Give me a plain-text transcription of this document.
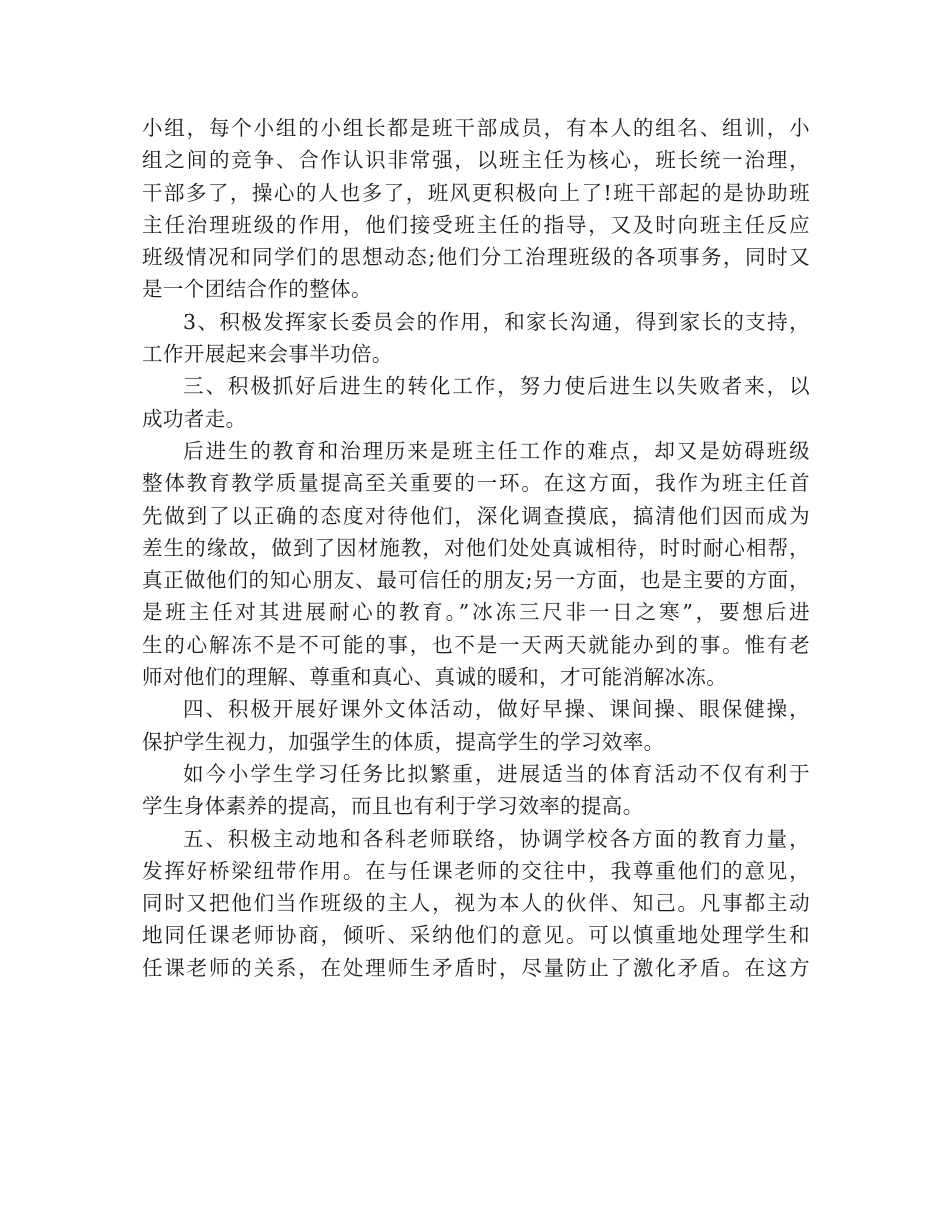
小组，每个小组的小组长都是班干部成员，有本人的组名、组训，小
组之间的竞争、合作认识非常强，以班主任为核心，班长统一治理，
干部多了，操心的人也多了，班风更积极向上了!班干部起的是协助班
主任治理班级的作用，他们接受班主任的指导，又及时向班主任反应
班级情况和同学们的思想动态;他们分工治理班级的各项事务，同时又
是一个团结合作的整体。
3、积极发挥家长委员会的作用，和家长沟通，得到家长的支持，
工作开展起来会事半功倍。
三、积极抓好后进生的转化工作，努力使后进生以失败者来，以
成功者走。
后进生的教育和治理历来是班主任工作的难点，却又是妨碍班级
整体教育教学质量提高至关重要的一环。在这方面，我作为班主任首
先做到了以正确的态度对待他们，深化调查摸底，搞清他们因而成为
差生的缘故，做到了因材施教，对他们处处真诚相待，时时耐心相帮，
真正做他们的知心朋友、最可信任的朋友;另一方面，也是主要的方面，
是班主任对其进展耐心的教育。”冰冻三尺非一日之寒”，要想后进
生的心解冻不是不可能的事，也不是一天两天就能办到的事。惟有老
师对他们的理解、尊重和真心、真诚的暖和，才可能消解冰冻。
四、积极开展好课外文体活动，做好早操、课间操、眼保健操，
保护学生视力，加强学生的体质，提高学生的学习效率。
如今小学生学习任务比拟繁重，进展适当的体育活动不仅有利于
学生身体素养的提高，而且也有利于学习效率的提高。
五、积极主动地和各科老师联络，协调学校各方面的教育力量，
发挥好桥梁纽带作用。在与任课老师的交往中，我尊重他们的意见，
同时又把他们当作班级的主人，视为本人的伙伴、知己。凡事都主动
地同任课老师协商，倾听、采纳他们的意见。可以慎重地处理学生和
任课老师的关系，在处理师生矛盾时，尽量防止了激化矛盾。在这方
